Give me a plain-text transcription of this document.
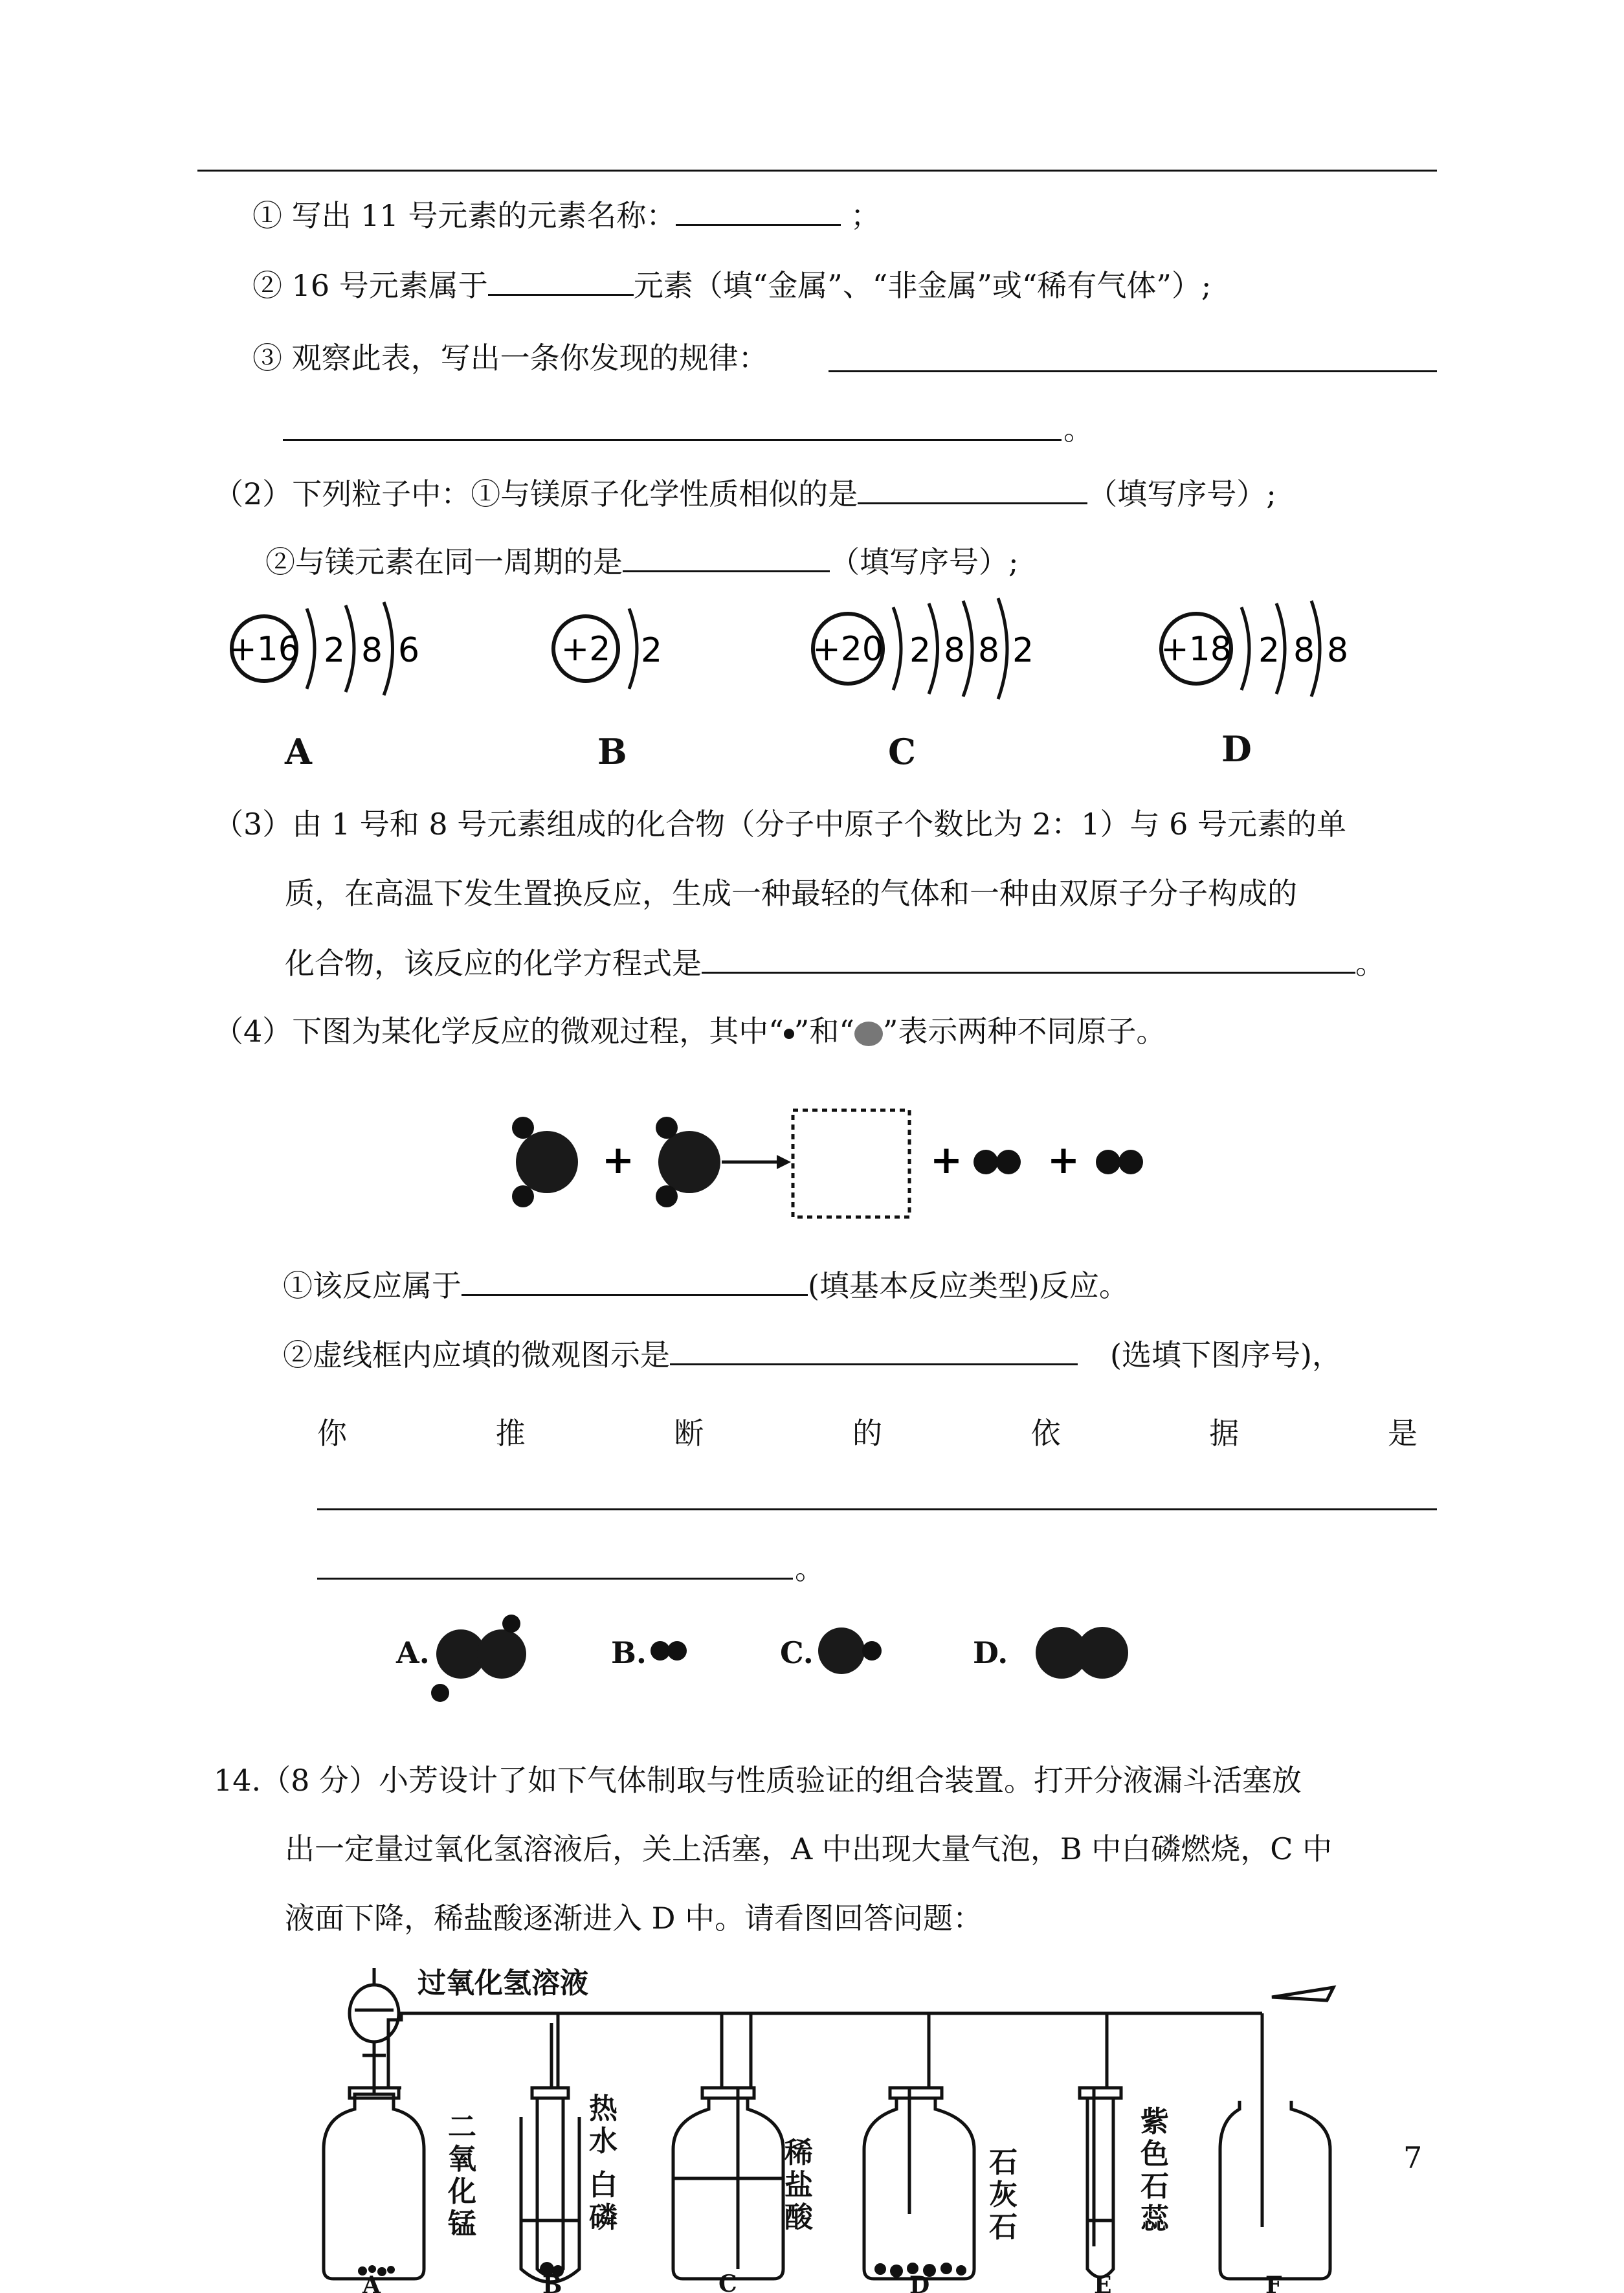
① 写出 11 号元素的元素名称：	；
② 16 号元素属于	元素（填“金属”、“非金属”或“稀有气体”）;
③ 观察此表，写出一条你发现的规律：
。
（2）下列粒子中：①与镁原子化学性质相似的是	（填写序号）;
②与镁元素在同一周期的是	（填写序号）;
+16 2 8 6	+2 2	+20 2 8 8 2	+18 2 8 8
A	B	C	D
（3）由 1 号和 8 号元素组成的化合物（分子中原子个数比为 2：1）与 6 号元素的单
质，在高温下发生置换反应，生成一种最轻的气体和一种由双原子分子构成的
化合物，该反应的化学方程式是	。
（4）下图为某化学反应的微观过程，其中“ ”和“ ”表示两种不同原子。
+	+ +
①该反应属于	(填基本反应类型)反应。
②虚线框内应填的微观图示是	(选填下图序号)，
你	推	断	的	依	据	是
。
A.	B.	C.	D.
14.（8 分）小芳设计了如下气体制取与性质验证的组合装置。打开分液漏斗活塞放
出一定量过氧化氢溶液后，关上活塞，A 中出现大量气泡，B 中白磷燃烧，C 中
液面下降，稀盐酸逐渐进入 D 中。请看图回答问题：
过氧化氢溶液
二
氧
化
锰
热
水
白
磷
稀
盐
酸
石
灰
石
紫
色
石
蕊
A	B	C	D	E	F
7
